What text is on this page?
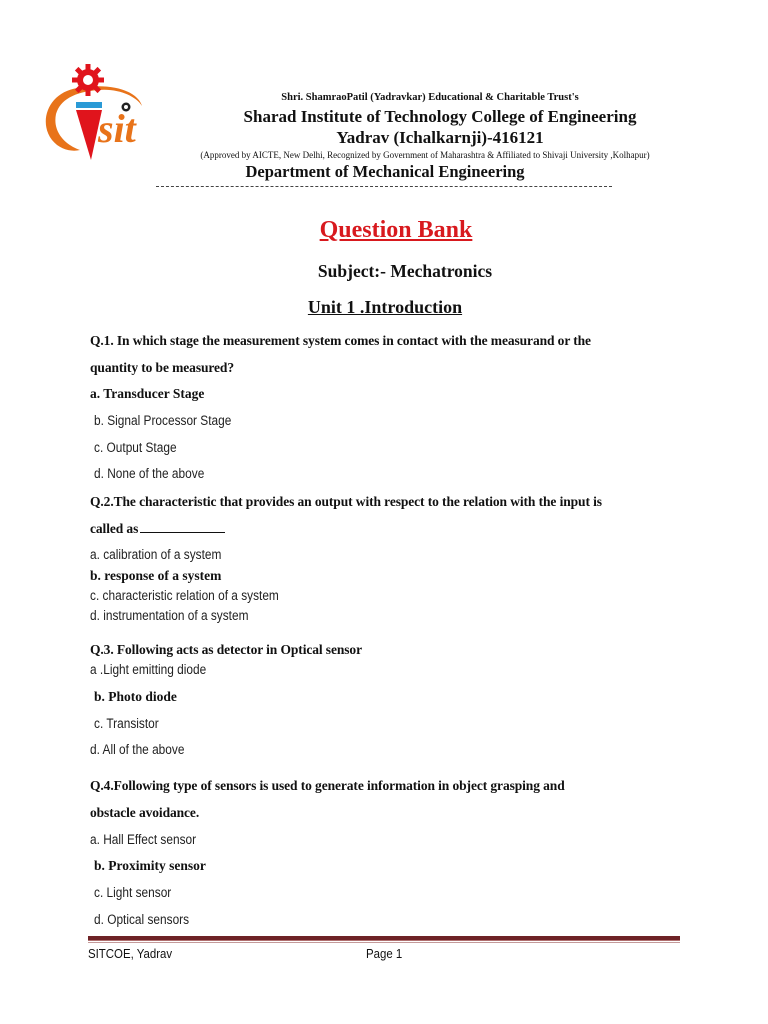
sit
Shri. ShamraoPatil (Yadravkar) Educational & Charitable Trust's
Sharad Institute of Technology College of Engineering
Yadrav (Ichalkarnji)-416121
(Approved by AICTE, New Delhi, Recognized by Government of Maharashtra & Affiliated to Shivaji University ,Kolhapur)
Department of Mechanical Engineering
Question Bank
Subject:- Mechatronics
Unit 1 .Introduction
Q.1. In which stage the measurement system comes in contact with the measurand or the
quantity to be measured?
a. Transducer Stage
b. Signal Processor Stage
c. Output Stage
d. None of the above
Q.2.The characteristic that provides an output with respect to the relation with the input is
called as
a. calibration of a system
b. response of a system
c. characteristic relation of a system
d. instrumentation of a system
Q.3. Following acts as detector in Optical sensor
a .Light emitting diode
b. Photo diode
c. Transistor
d. All of the above
Q.4.Following type of sensors is used to generate information in object grasping and
obstacle avoidance.
a. Hall Effect sensor
b. Proximity sensor
c. Light sensor
d. Optical sensors
SITCOE, Yadrav	Page 1
